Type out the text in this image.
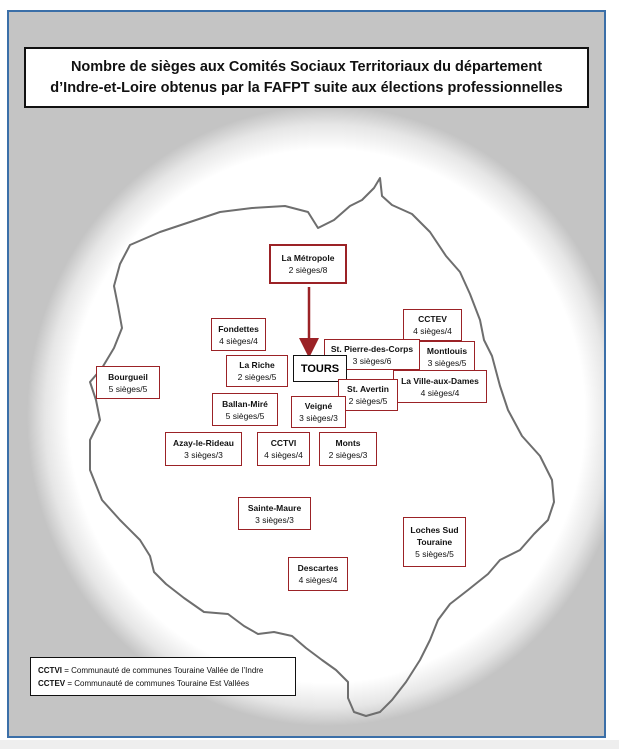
Nombre de sièges aux Comités Sociaux Territoriaux du département
d’Indre-et-Loire obtenus par la FAFPT suite aux élections professionnelles
La Métropole
2 sièges/8
Fondettes
4 sièges/4
CCTEV
4 sièges/4
St. Pierre-des-Corps
3 sièges/6
Montlouis
3 sièges/5
Bourgueil
5 sièges/5
La Riche
2 sièges/5
TOURS
La Ville-aux-Dames
4 sièges/4
St. Avertin
2 sièges/5
Ballan-Miré
5 sièges/5
Veigné
3 sièges/3
Azay-le-Rideau
3 sièges/3
CCTVI
4 sièges/4
Monts
2 sièges/3
Sainte-Maure
3 sièges/3
Loches Sud Touraine
5 sièges/5
Descartes
4 sièges/4
CCTVI = Communauté de communes Touraine Vallée de l’Indre
CCTEV = Communauté de communes Touraine Est Vallées
